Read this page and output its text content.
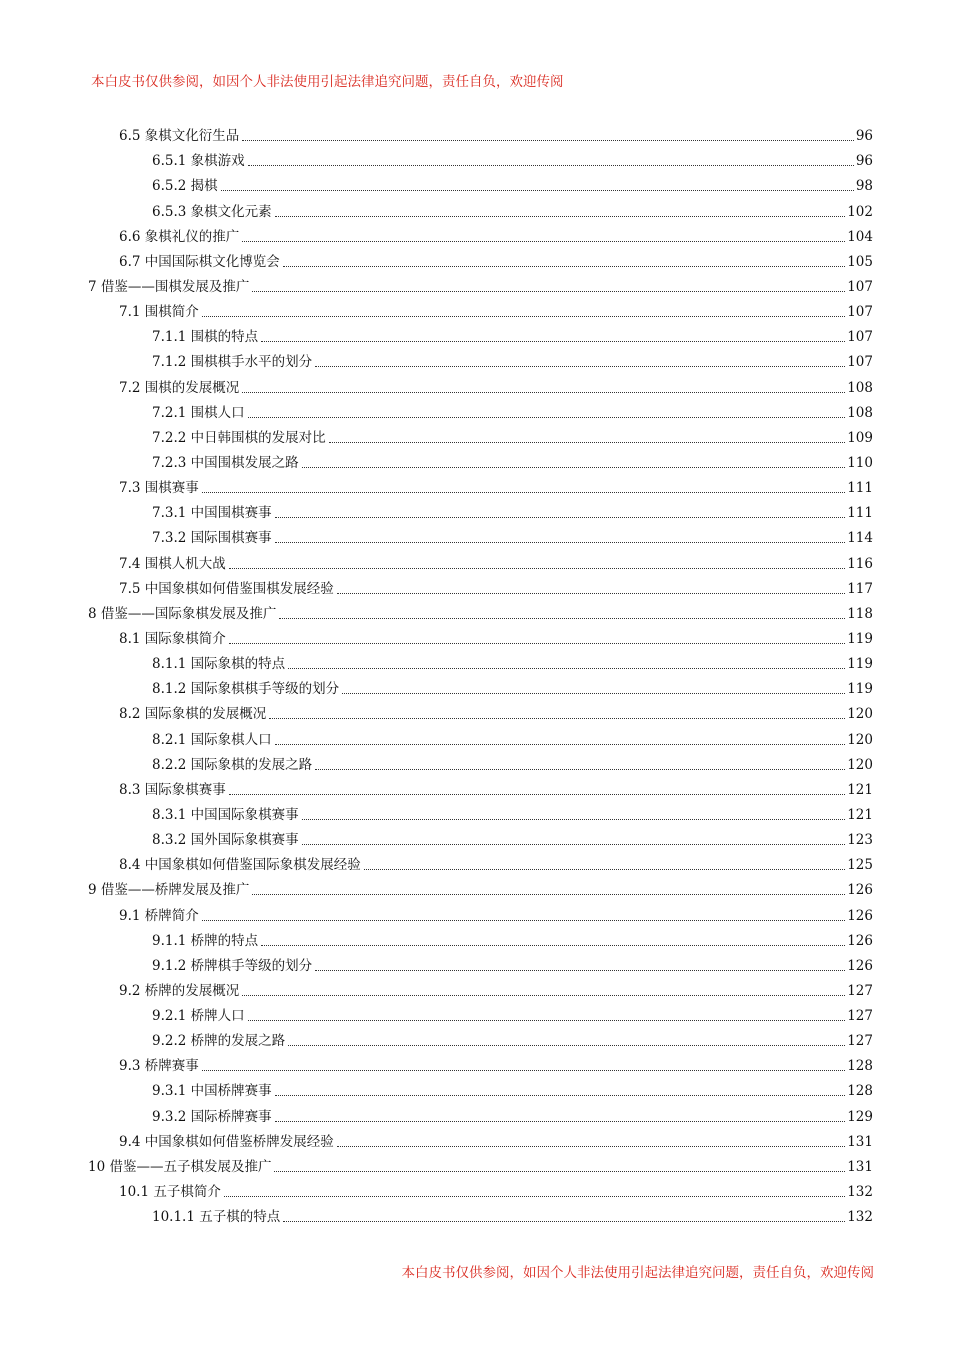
本白皮书仅供参阅，如因个人非法使用引起法律追究问题，责任自负，欢迎传阅
6.5 象棋文化衍生品	96
6.5.1 象棋游戏	96
6.5.2 揭棋	98
6.5.3 象棋文化元素	102
6.6 象棋礼仪的推广	104
6.7 中国国际棋文化博览会	105
7 借鉴——围棋发展及推广	107
7.1 围棋简介	107
7.1.1 围棋的特点	107
7.1.2 围棋棋手水平的划分	107
7.2 围棋的发展概况	108
7.2.1 围棋人口	108
7.2.2 中日韩围棋的发展对比	109
7.2.3 中国围棋发展之路	110
7.3 围棋赛事	111
7.3.1 中国围棋赛事	111
7.3.2 国际围棋赛事	114
7.4 围棋人机大战	116
7.5 中国象棋如何借鉴围棋发展经验	117
8 借鉴——国际象棋发展及推广	118
8.1 国际象棋简介	119
8.1.1 国际象棋的特点	119
8.1.2 国际象棋棋手等级的划分	119
8.2 国际象棋的发展概况	120
8.2.1 国际象棋人口	120
8.2.2 国际象棋的发展之路	120
8.3 国际象棋赛事	121
8.3.1 中国国际象棋赛事	121
8.3.2 国外国际象棋赛事	123
8.4 中国象棋如何借鉴国际象棋发展经验	125
9 借鉴——桥牌发展及推广	126
9.1 桥牌简介	126
9.1.1 桥牌的特点	126
9.1.2 桥牌棋手等级的划分	126
9.2 桥牌的发展概况	127
9.2.1 桥牌人口	127
9.2.2 桥牌的发展之路	127
9.3 桥牌赛事	128
9.3.1 中国桥牌赛事	128
9.3.2 国际桥牌赛事	129
9.4 中国象棋如何借鉴桥牌发展经验	131
10 借鉴——五子棋发展及推广	131
10.1 五子棋简介	132
10.1.1 五子棋的特点	132
本白皮书仅供参阅，如因个人非法使用引起法律追究问题，责任自负，欢迎传阅
